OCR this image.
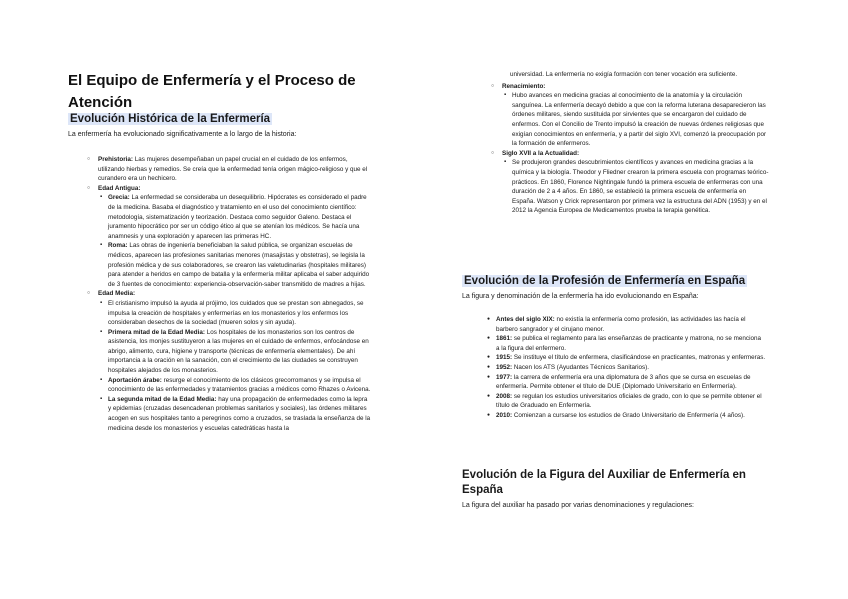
El Equipo de Enfermería y el Proceso de Atención
Evolución Histórica de la Enfermería

La enfermería ha evolucionado significativamente a lo largo de la historia:

○ Prehistoria: Las mujeres desempeñaban un papel crucial en el cuidado de los enfermos, utilizando hierbas y remedios. Se creía que la enfermedad tenía origen mágico-religioso y que el curandero era un hechicero.
○ Edad Antigua:
▪ Grecia: La enfermedad se consideraba un desequilibrio. Hipócrates es considerado el padre de la medicina. Basaba el diagnóstico y tratamiento en el uso del conocimiento científico: metodología, sistematización y teorización. Destaca como seguidor Galeno. Destaca el juramento hipocrático por ser un código ético al que se atenían los médicos. Se hacía una anamnesis y una exploración y aparecen las primeras HC.
▪ Roma: Las obras de ingeniería beneficiaban la salud pública, se organizan escuelas de médicos, aparecen las profesiones sanitarias menores (masajistas y obstetras), se legisla la profesión médica y de sus colaboradores, se crearon las valetudinarias (hospitales militares) para atender a heridos en campo de batalla y la enfermería militar aplicaba el saber adquirido de 3 fuentes de conocimiento: experiencia-observación-saber transmitido de madres a hijas.
○ Edad Media:
▪ El cristianismo impulsó la ayuda al prójimo, los cuidados que se prestan son abnegados, se impulsa la creación de hospitales y enfermerías en los monasterios y los enfermos los consideraban desechos de la sociedad (mueren solos y sin ayuda).
▪ Primera mitad de la Edad Media: Los hospitales de los monasterios son los centros de asistencia, los monjes sustituyeron a las mujeres en el cuidado de enfermos, enfocándose en abrigo, alimento, cura, higiene y transporte (técnicas de enfermería elementales). De ahí importancia a la oración en la sanación, con el crecimiento de las ciudades se construyen hospitales alejados de los monasterios.
▪ Aportación árabe: resurge el conocimiento de los clásicos grecorromanos y se impulsa el conocimiento de las enfermedades y tratamientos gracias a médicos como Rhazes o Avicena.
▪ La segunda mitad de la Edad Media: hay una propagación de enfermedades como la lepra y epidemias (cruzadas desencadenan problemas sanitarios y sociales), las órdenes militares acogen en sus hospitales tanto a peregrinos como a cruzados, se traslada la enseñanza de la medicina desde los monasterios y escuelas catedráticas hasta la

universidad. La enfermería no exigía formación con tener vocación era suficiente.

○ Renacimiento:
▪ Hubo avances en medicina gracias al conocimiento de la anatomía y la circulación sanguínea. La enfermería decayó debido a que con la reforma luterana desaparecieron las órdenes militares, siendo sustituida por sirvientes que se encargaron del cuidado de enfermos. Con el Concilio de Trento impulsó la creación de nuevas órdenes religiosas que exigían conocimientos en enfermería, y a partir del siglo XVI, comenzó la preocupación por la formación de enfermeros.
○ Siglo XVII a la Actualidad:
▪ Se produjeron grandes descubrimientos científicos y avances en medicina gracias a la química y la biología. Theodor y Fliedner crearon la primera escuela con programas teórico-prácticos. En 1860, Florence Nightingale fundó la primera escuela de enfermeras con una duración de 2 a 4 años. En 1860, se estableció la primera escuela de enfermería en España. Watson y Crick representaron por primera vez la estructura del ADN (1953) y en el 2012 la Agencia Europea de Medicamentos prueba la terapia genética.
Evolución de la Profesión de Enfermería en España

La figura y denominación de la enfermería ha ido evolucionando en España:

● Antes del siglo XIX: no existía la enfermería como profesión, las actividades las hacía el barbero sangrador y el cirujano menor.
● 1861: se publica el reglamento para las enseñanzas de practicante y matrona, no se menciona a la figura del enfermero.
● 1915: Se instituye el título de enfermera, clasificándose en practicantes, matronas y enfermeras.
● 1952: Nacen los ATS (Ayudantes Técnicos Sanitarios).
● 1977: la carrera de enfermería era una diplomatura de 3 años que se cursa en escuelas de enfermería. Permite obtener el título de DUE (Diplomado Universitario en Enfermería).
● 2008: se regulan los estudios universitarios oficiales de grado, con lo que se permite obtener el título de Graduado en Enfermería.
● 2010: Comienzan a cursarse los estudios de Grado Universitario de Enfermería (4 años).
Evolución de la Figura del Auxiliar de Enfermería en España

La figura del auxiliar ha pasado por varias denominaciones y regulaciones:
